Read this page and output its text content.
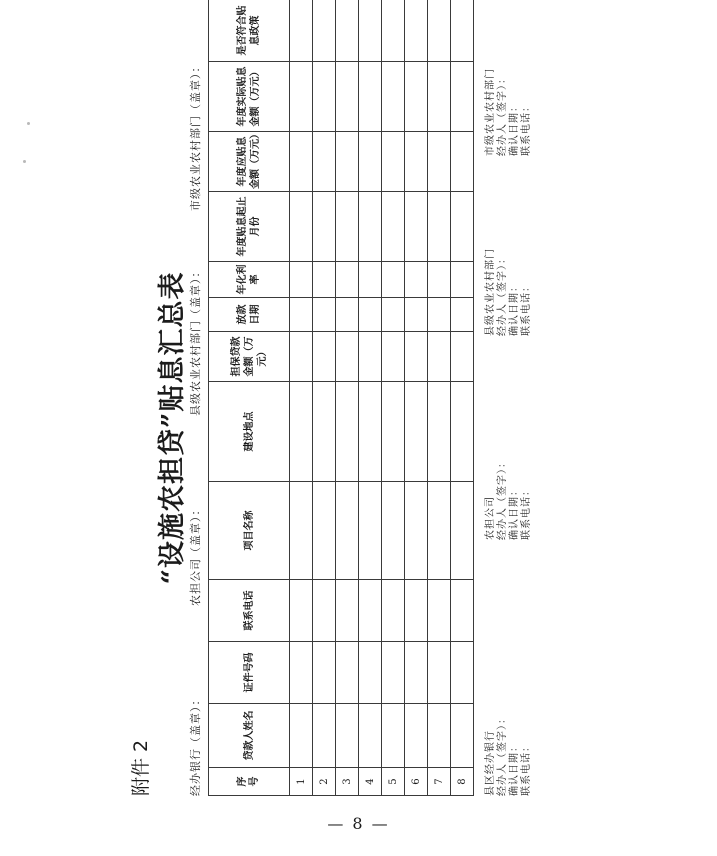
附件 2
“设施农担贷”贴息汇总表
经办银行（盖章）：
农担公司（盖章）：
县级农业农村部门（盖章）：
市级农业农村部门（盖章）：
序号	贷款人姓名	证件号码	联系电话	项目名称	建设地点	担保贷款金额（万元）	放款日期	年化利率	年度贴息起止月份	年度应贴息金额（万元）	年度实际贴息金额（万元）	是否符合贴息政策
1												
2												
3												
4												
5												
6												
7												
8												县区经办银行 经办人（签字）： 确认日期： 联系电话：
农担公司 经办人（签字）： 确认日期： 联系电话：
县级农业农村部门 经办人（签字）： 确认日期： 联系电话：
市级农业农村部门 经办人（签字）： 确认日期： 联系电话：
— 8 —
